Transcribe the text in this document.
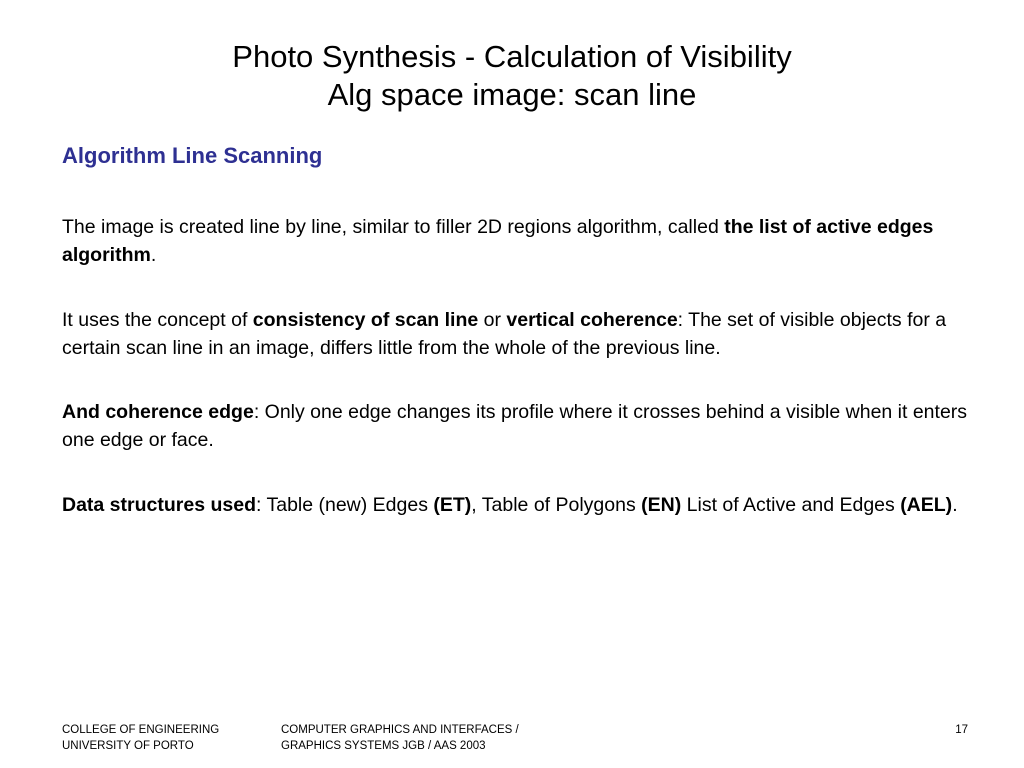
Photo Synthesis - Calculation of Visibility
Alg space image: scan line
Algorithm Line Scanning
The image is created line by line, similar to filler 2D regions algorithm, called the list of active edges algorithm.
It uses the concept of consistency of scan line or vertical coherence: The set of visible objects for a certain scan line in an image, differs little from the whole of the previous line.
And coherence edge: Only one edge changes its profile where it crosses behind a visible when it enters one edge or face.
Data structures used: Table (new) Edges (ET), Table of Polygons (EN) List of Active and Edges (AEL).
COLLEGE OF ENGINEERING
UNIVERSITY OF PORTO
COMPUTER GRAPHICS AND INTERFACES /
GRAPHICS SYSTEMS JGB / AAS 2003
17
